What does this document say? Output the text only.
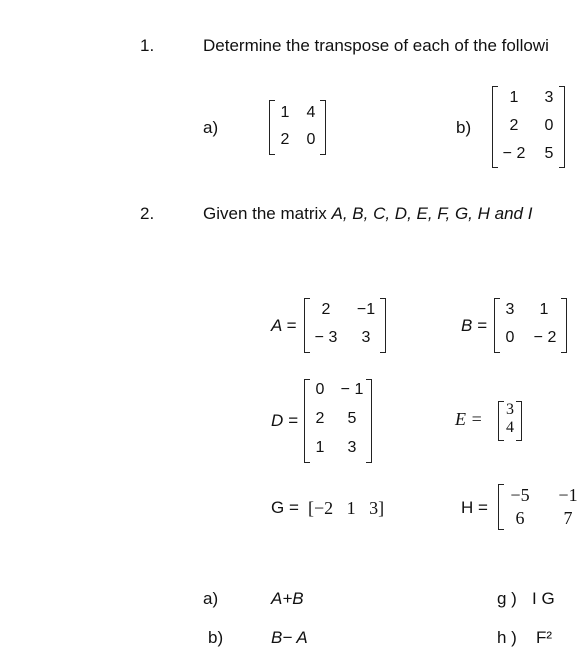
1.	Determine the transpose of each of the followi
a)
1	4
2	0
b)
1	3
2	0
− 2	5
2.	Given the matrix A, B, C, D, E, F, G, H and I
A =
2	−1
− 3	3
B =
3	1
0	− 2
D =
0	− 1
2	5
1	3
E =	3
4
G = [−2   1   3]	H =
−5	−1
6	7
a)	A+B
b)	B− A
g ) I G
h ) F²
